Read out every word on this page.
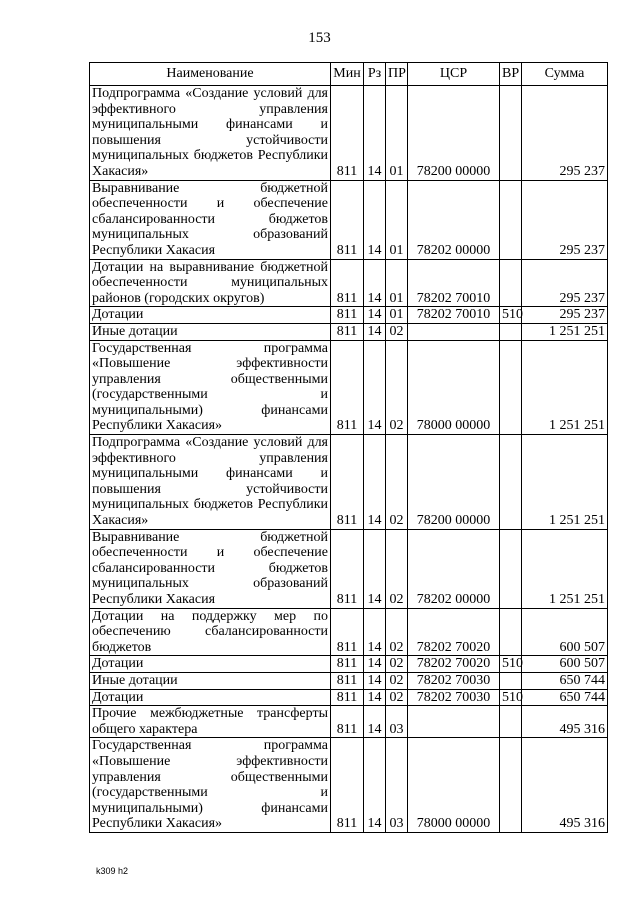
153
Наименование	Мин	Рз	ПР	ЦСР	ВР	Сумма
Подпрограмма «Создание условий для эффективного управления муниципальными финансами и повышения устойчивости муниципальных бюджетов Республики Хакасия»	811	14	01	78200 00000		295 237
Выравнивание бюджетной обеспеченности и обеспечение сбалансированности бюджетов муниципальных образований Республики Хакасия	811	14	01	78202 00000		295 237
Дотации на выравнивание бюджетной обеспеченности муниципальных районов (городских округов)	811	14	01	78202 70010		295 237
Дотации	811	14	01	78202 70010	510	295 237
Иные дотации	811	14	02			1 251 251
Государственная программа «Повышение эффективности управления общественными (государственными и муниципальными) финансами Республики Хакасия»	811	14	02	78000 00000		1 251 251
Подпрограмма «Создание условий для эффективного управления муниципальными финансами и повышения устойчивости муниципальных бюджетов Республики Хакасия»	811	14	02	78200 00000		1 251 251
Выравнивание бюджетной обеспеченности и обеспечение сбалансированности бюджетов муниципальных образований Республики Хакасия	811	14	02	78202 00000		1 251 251
Дотации на поддержку мер по обеспечению сбалансированности бюджетов	811	14	02	78202 70020		600 507
Дотации	811	14	02	78202 70020	510	600 507
Иные дотации	811	14	02	78202 70030		650 744
Дотации	811	14	02	78202 70030	510	650 744
Прочие межбюджетные трансферты общего характера	811	14	03			495 316
Государственная программа «Повышение эффективности управления общественными (государственными и муниципальными) финансами Республики Хакасия»	811	14	03	78000 00000		495 316
k309 h2
